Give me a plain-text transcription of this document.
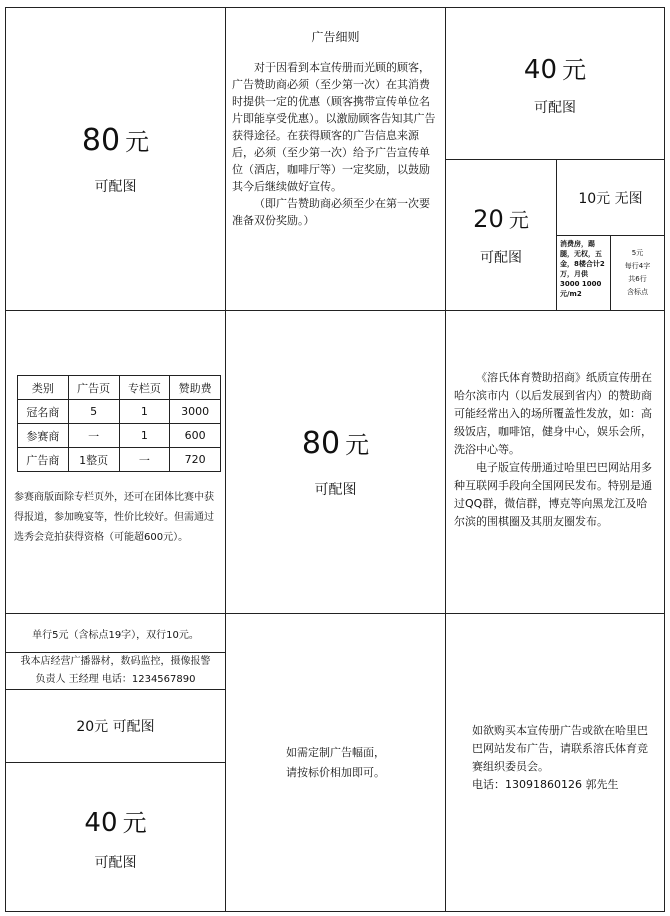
80 元
可配图
广告细则
对于因看到本宣传册而光顾的顾客，广告赞助商必须（至少第一次）在其消费时提供一定的优惠（顾客携带宣传单位名片即能享受优惠）。以激励顾客告知其广告获得途径。在获得顾客的广告信息来源后，必须（至少第一次）给予广告宣传单位（酒店，咖啡厅等）一定奖励，以鼓励其今后继续做好宣传。
（即广告赞助商必须至少在第一次要准备双份奖励。）
40 元
可配图
20 元
可配图
10元 无图
消费房，踢腿，无权，五金，8楼合计2万，月供3000 1000元/m2
5元
每行4字
共6行
含标点
类别	广告页	专栏页	赞助费
冠名商	5	1	3000
参赛商	一	1	600
广告商	1整页	一	720
参赛商版面除专栏页外，还可在团体比赛中获得报道，参加晚宴等，性价比较好。但需通过选秀会竞拍获得资格（可能超600元）。
80 元
可配图
《溶氏体育赞助招商》纸质宣传册在哈尔滨市内（以后发展到省内）的赞助商可能经常出入的场所覆盖性发放，如：高级饭店，咖啡馆，健身中心，娱乐会所，洗浴中心等。
电子版宣传册通过哈里巴巴网站用多种互联网手段向全国网民发布。特别是通过QQ群，微信群，博克等向黑龙江及哈尔滨的围棋圈及其朋友圈发布。
单行5元（含标点19字），双行10元。
我本店经营广播器材，数码监控，摄像报警
负责人 王经理 电话：1234567890
20元 可配图
40 元
可配图
如需定制广告幅面，
请按标价相加即可。
如欲购买本宣传册广告或欲在哈里巴巴网站发布广告，请联系溶氏体育竞赛组织委员会。
电话：13091860126 郭先生
